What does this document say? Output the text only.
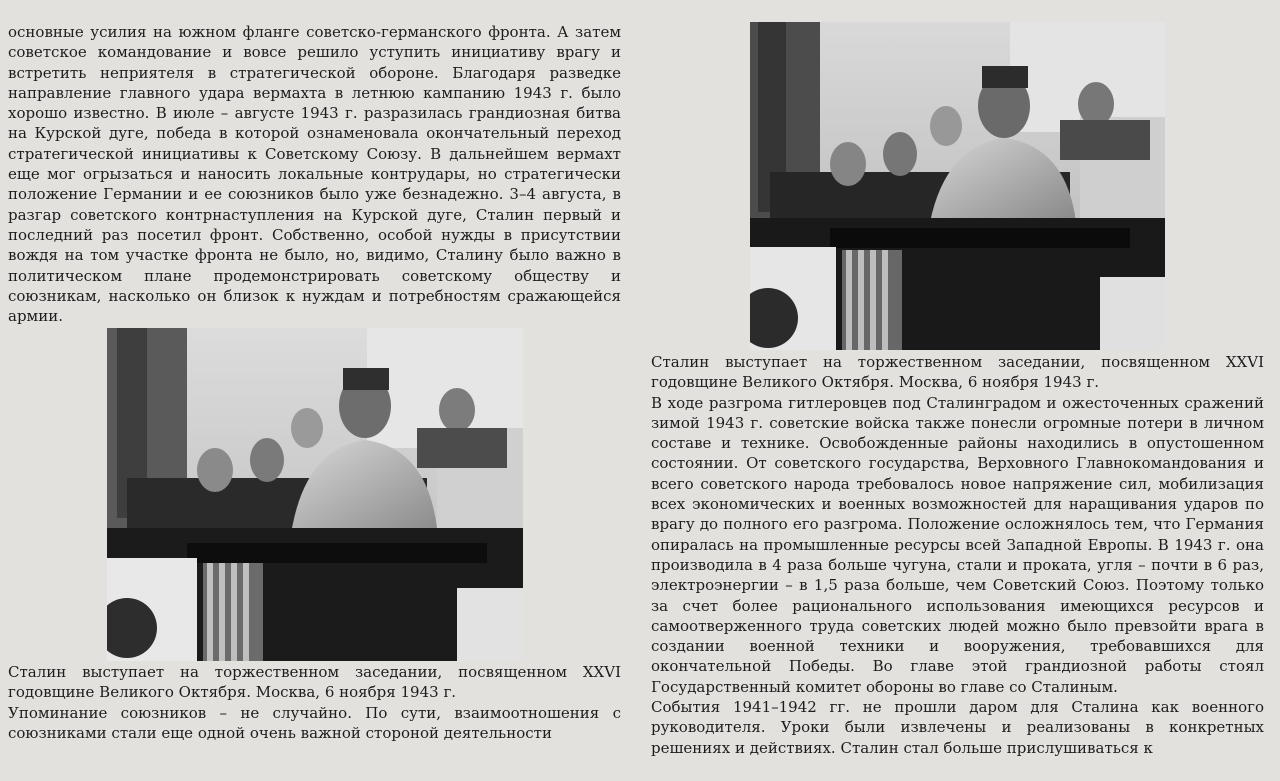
основные усилия на южном фланге советско-германского фронта. А затем советское командование и вовсе решило уступить инициативу врагу и встретить неприятеля в стратегической обороне. Благодаря разведке направление главного удара вермахта в летнюю кампанию 1943 г. было хорошо известно. В июле – августе 1943 г. разразилась грандиозная битва на Курской дуге, победа в которой ознаменовала окончательный переход стратегической инициативы к Советскому Союзу. В дальнейшем вермахт еще мог огрызаться и наносить локальные контрудары, но стратегически положение Германии и ее союзников было уже безнадежно. 3–4 августа, в разгар советского контрнаступления на Курской дуге, Сталин первый и последний раз посетил фронт. Собственно, особой нужды в присутствии вождя на том участке фронта не было, но, видимо, Сталину было важно в политическом плане продемонстрировать советскому обществу и союзникам, насколько он близок к нуждам и потребностям сражающейся армии.

Сталин выступает на торжественном заседании, посвященном XXVI годовщине Великого Октября. Москва, 6 ноября 1943 г.

Упоминание союзников – не случайно. По сути, взаимоотношения с союзниками стали еще одной очень важной стороной деятельности

Сталин выступает на торжественном заседании, посвященном XXVI годовщине Великого Октября. Москва, 6 ноября 1943 г.

В ходе разгрома гитлеровцев под Сталинградом и ожесточенных сражений зимой 1943 г. советские войска также понесли огромные потери в личном составе и технике. Освобожденные районы находились в опустошенном состоянии. От советского государства, Верховного Главнокомандования и всего советского народа требовалось новое напряжение сил, мобилизация всех экономических и военных возможностей для наращивания ударов по врагу до полного его разгрома. Положение осложнялось тем, что Германия опиралась на промышленные ресурсы всей Западной Европы. В 1943 г. она производила в 4 раза больше чугуна, стали и проката, угля – почти в 6 раз, электроэнергии – в 1,5 раза больше, чем Советский Союз. Поэтому только за счет более рационального использования имеющихся ресурсов и самоотверженного труда советских людей можно было превзойти врага в создании военной техники и вооружения, требовавшихся для окончательной Победы. Во главе этой грандиозной работы стоял Государственный комитет обороны во главе со Сталиным.

События 1941–1942 гг. не прошли даром для Сталина как военного руководителя. Уроки были извлечены и реализованы в конкретных решениях и действиях. Сталин стал больше прислушиваться к
